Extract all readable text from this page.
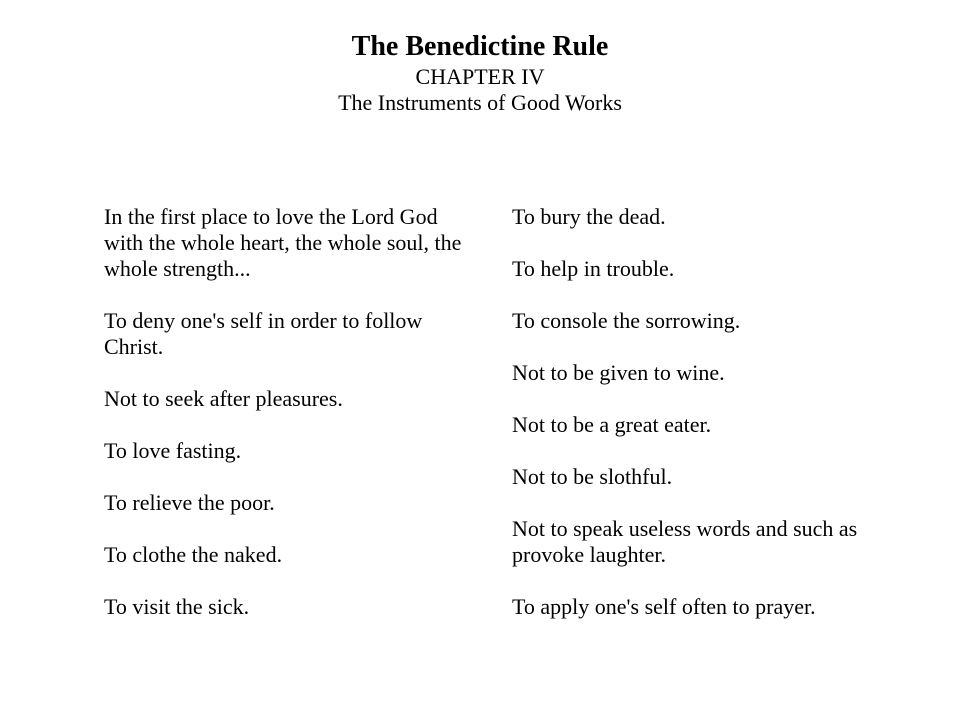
The Benedictine Rule

CHAPTER IV

The Instruments of Good Works

In the first place to love the Lord God with the whole heart, the whole soul, the whole strength...

To deny one's self in order to follow Christ.

Not to seek after pleasures.

To love fasting.

To relieve the poor.

To clothe the naked.

To visit the sick.

To bury the dead.

To help in trouble.

To console the sorrowing.

Not to be given to wine.

Not to be a great eater.

Not to be slothful.

Not to speak useless words and such as provoke laughter.

To apply one's self often to prayer.
